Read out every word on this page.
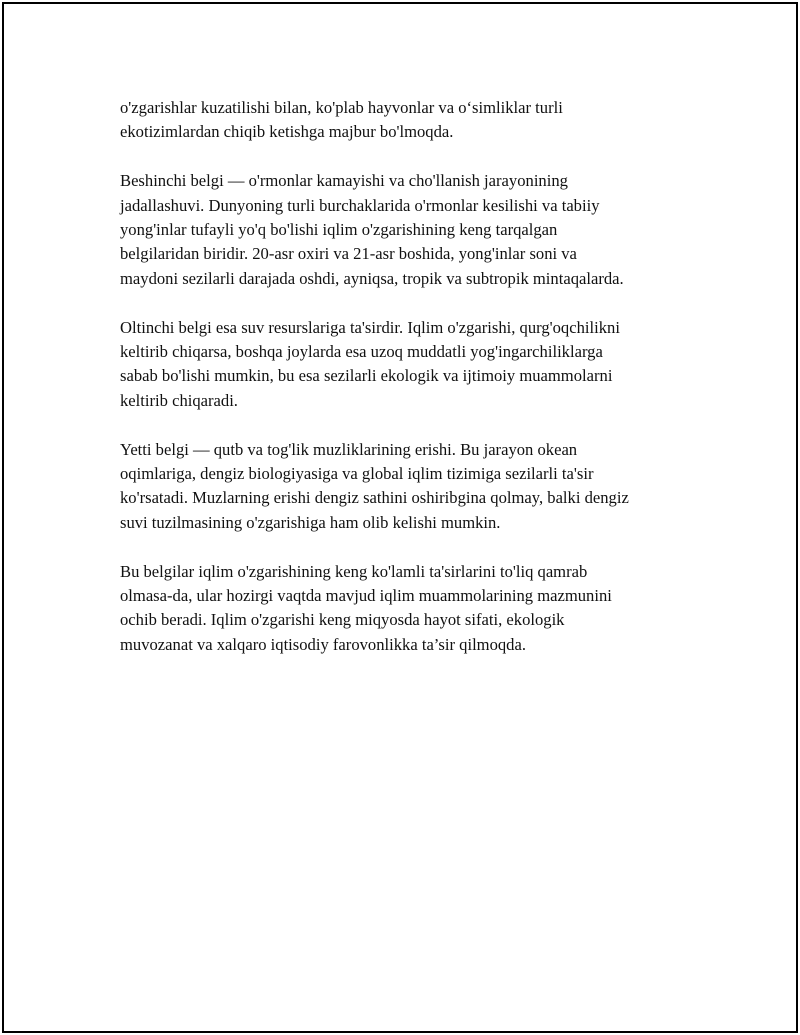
o'zgarishlar kuzatilishi bilan, ko'plab hayvonlar va o‘simliklar turli
ekotizimlardan chiqib ketishga majbur bo'lmoqda.

Beshinchi belgi — o'rmonlar kamayishi va cho'llanish jarayonining
jadallashuvi. Dunyoning turli burchaklarida o'rmonlar kesilishi va tabiiy
yong'inlar tufayli yo'q bo'lishi iqlim o'zgarishining keng tarqalgan
belgilaridan biridir. 20-asr oxiri va 21-asr boshida, yong'inlar soni va
maydoni sezilarli darajada oshdi, ayniqsa, tropik va subtropik mintaqalarda.

Oltinchi belgi esa suv resurslariga ta'sirdir. Iqlim o'zgarishi, qurg'oqchilikni
keltirib chiqarsa, boshqa joylarda esa uzoq muddatli yog'ingarchiliklarga
sabab bo'lishi mumkin, bu esa sezilarli ekologik va ijtimoiy muammolarni
keltirib chiqaradi.

Yetti belgi — qutb va tog'lik muzliklarining erishi. Bu jarayon okean
oqimlariga, dengiz biologiyasiga va global iqlim tizimiga sezilarli ta'sir
ko'rsatadi. Muzlarning erishi dengiz sathini oshiribgina qolmay, balki dengiz
suvi tuzilmasining o'zgarishiga ham olib kelishi mumkin.

Bu belgilar iqlim o'zgarishining keng ko'lamli ta'sirlarini to'liq qamrab
olmasa-da, ular hozirgi vaqtda mavjud iqlim muammolarining mazmunini
ochib beradi. Iqlim o'zgarishi keng miqyosda hayot sifati, ekologik
muvozanat va xalqaro iqtisodiy farovonlikka ta’sir qilmoqda.
